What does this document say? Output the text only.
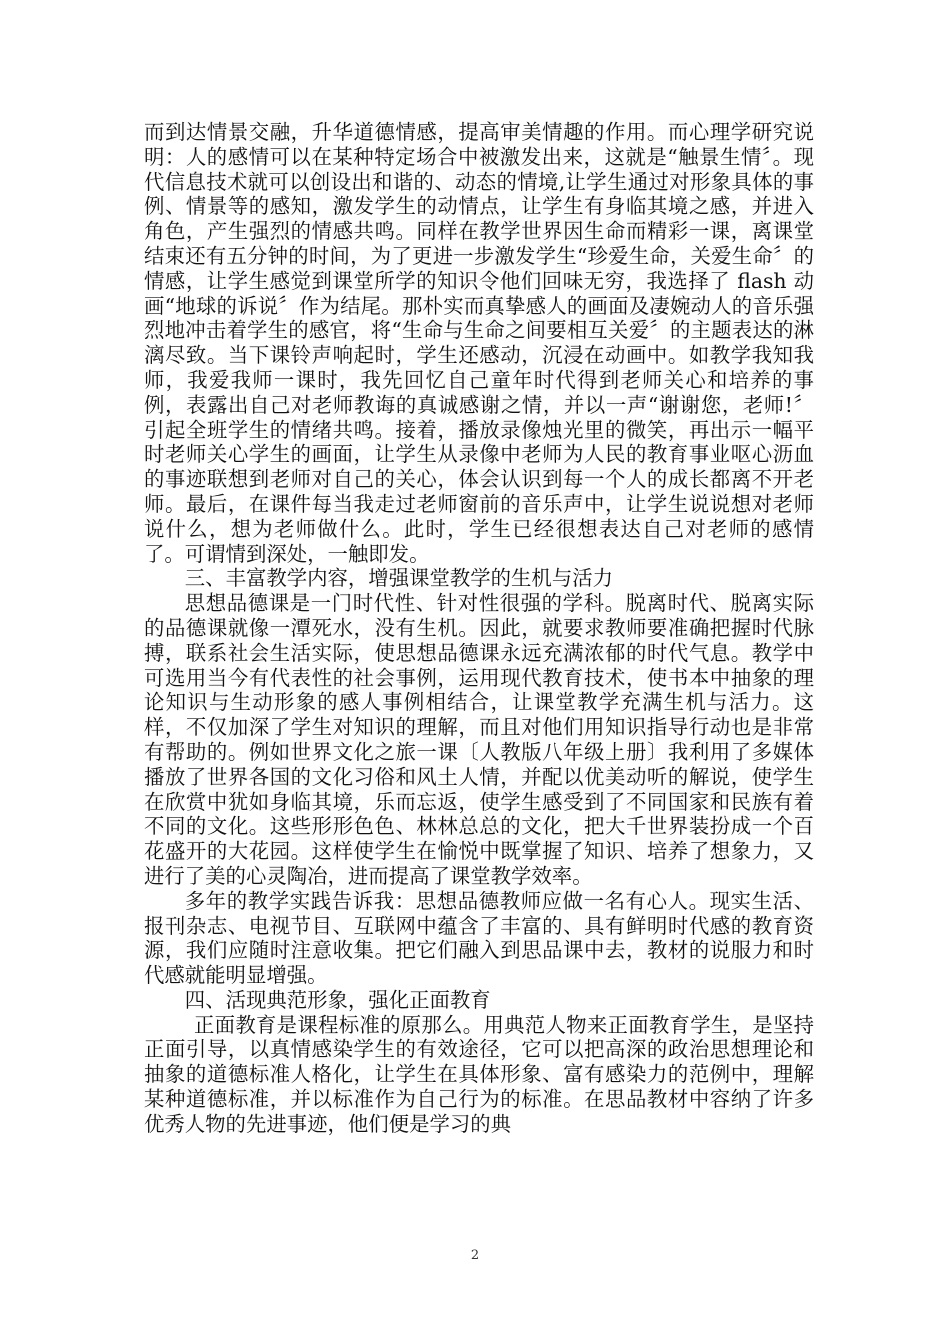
而到达情景交融，升华道德情感，提高审美情趣的作用。而心理学研究说明：人的感情可以在某种特定场合中被激发出来，这就是“触景生情〞。现代信息技术就可以创设出和谐的、动态的情境,让学生通过对形象具体的事例、情景等的感知，激发学生的动情点，让学生有身临其境之感，并进入角色，产生强烈的情感共鸣。同样在教学世界因生命而精彩一课，离课堂结束还有五分钟的时间，为了更进一步激发学生“珍爱生命，关爱生命〞的情感，让学生感觉到课堂所学的知识令他们回味无穷，我选择了 flash 动画“地球的诉说〞作为结尾。那朴实而真挚感人的画面及凄婉动人的音乐强烈地冲击着学生的感官，将“生命与生命之间要相互关爱〞的主题表达的淋漓尽致。当下课铃声响起时，学生还感动，沉浸在动画中。如教学我知我师，我爱我师一课时，我先回忆自己童年时代得到老师关心和培养的事例，表露出自己对老师教诲的真诚感谢之情，并以一声“谢谢您，老师!〞引起全班学生的情绪共鸣。接着，播放录像烛光里的微笑，再出示一幅平时老师关心学生的画面，让学生从录像中老师为人民的教育事业呕心沥血的事迹联想到老师对自己的关心，体会认识到每一个人的成长都离不开老师。最后，在课件每当我走过老师窗前的音乐声中，让学生说说想对老师说什么，想为老师做什么。此时，学生已经很想表达自己对老师的感情了。可谓情到深处，一触即发。

三、丰富教学内容，增强课堂教学的生机与活力

思想品德课是一门时代性、针对性很强的学科。脱离时代、脱离实际的品德课就像一潭死水，没有生机。因此，就要求教师要准确把握时代脉搏，联系社会生活实际，使思想品德课永远充满浓郁的时代气息。教学中可选用当今有代表性的社会事例，运用现代教育技术，使书本中抽象的理论知识与生动形象的感人事例相结合，让课堂教学充满生机与活力。这样，不仅加深了学生对知识的理解，而且对他们用知识指导行动也是非常有帮助的。例如世界文化之旅一课〔人教版八年级上册〕我利用了多媒体播放了世界各国的文化习俗和风土人情，并配以优美动听的解说，使学生在欣赏中犹如身临其境，乐而忘返，使学生感受到了不同国家和民族有着不同的文化。这些形形色色、林林总总的文化，把大千世界装扮成一个百花盛开的大花园。这样使学生在愉悦中既掌握了知识、培养了想象力，又进行了美的心灵陶冶，进而提高了课堂教学效率。

多年的教学实践告诉我：思想品德教师应做一名有心人。现实生活、报刊杂志、电视节目、互联网中蕴含了丰富的、具有鲜明时代感的教育资源，我们应随时注意收集。把它们融入到思品课中去，教材的说服力和时代感就能明显增强。

四、活现典范形象，强化正面教育

正面教育是课程标准的原那么。用典范人物来正面教育学生，是坚持正面引导，以真情感染学生的有效途径，它可以把高深的政治思想理论和抽象的道德标准人格化，让学生在具体形象、富有感染力的范例中，理解某种道德标准，并以标准作为自己行为的标准。在思品教材中容纳了许多优秀人物的先进事迹，他们便是学习的典

2
